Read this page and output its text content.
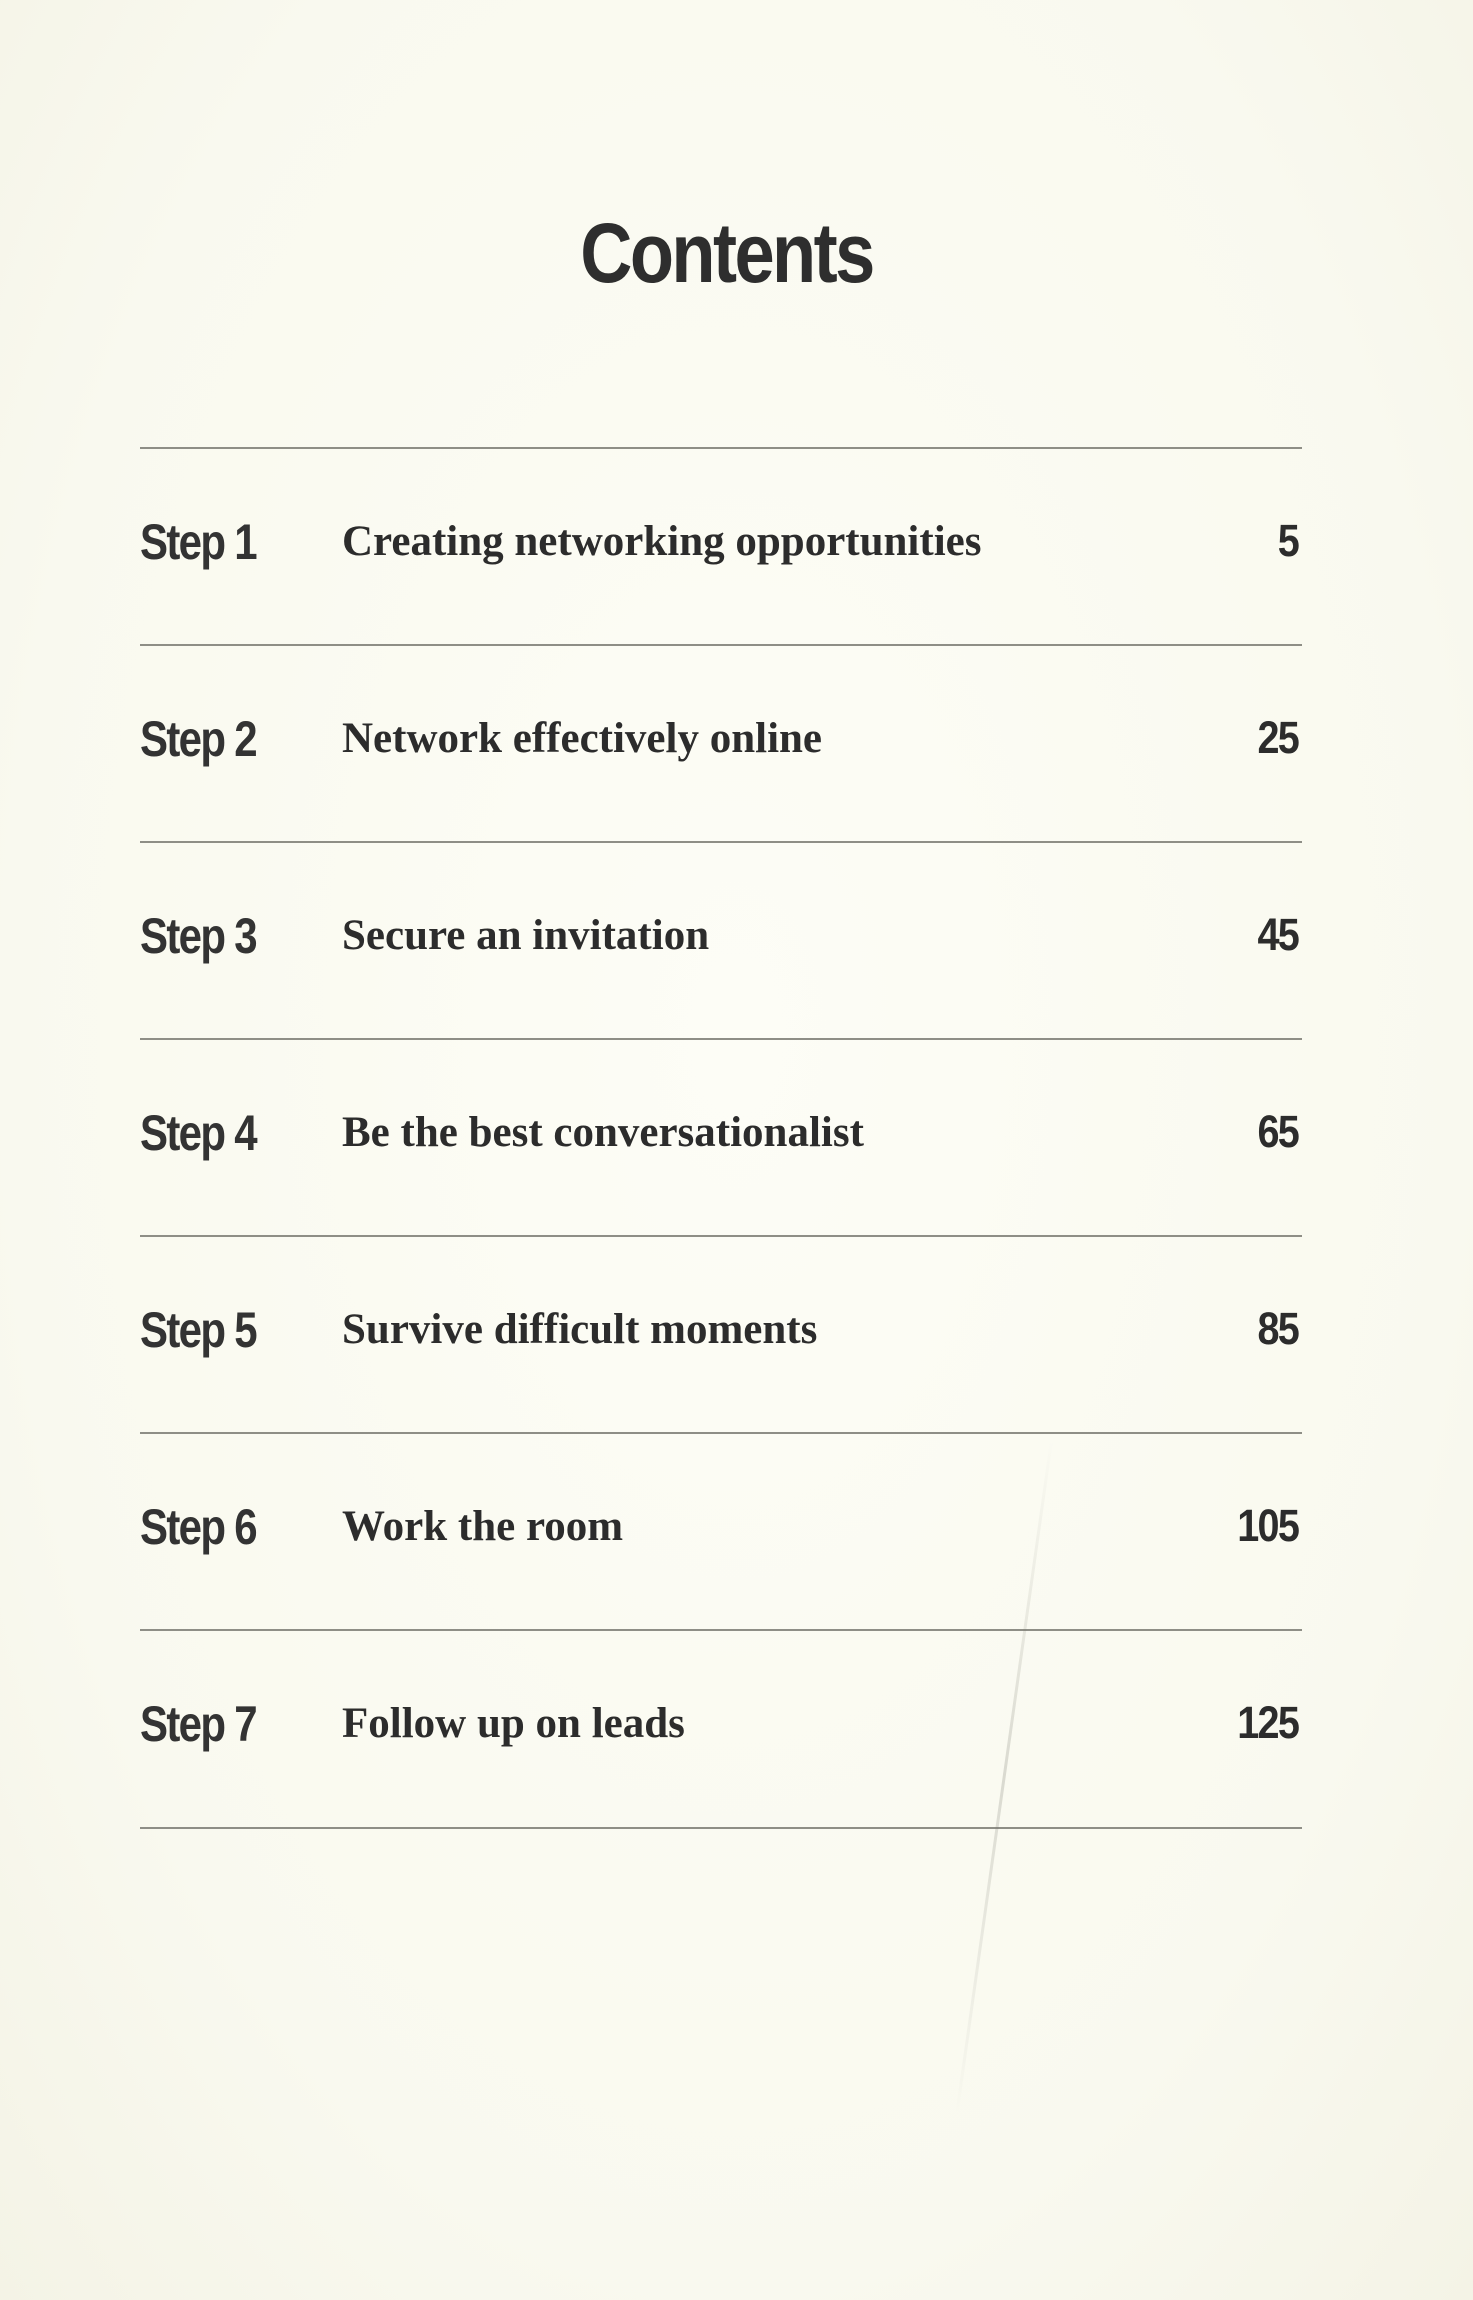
Contents
Step 1 Creating networking opportunities	5
Step 2 Network effectively online	25
Step 3 Secure an invitation	45
Step 4 Be the best conversationalist	65
Step 5 Survive difficult moments	85
Step 6 Work the room	105
Step 7 Follow up on leads	125
